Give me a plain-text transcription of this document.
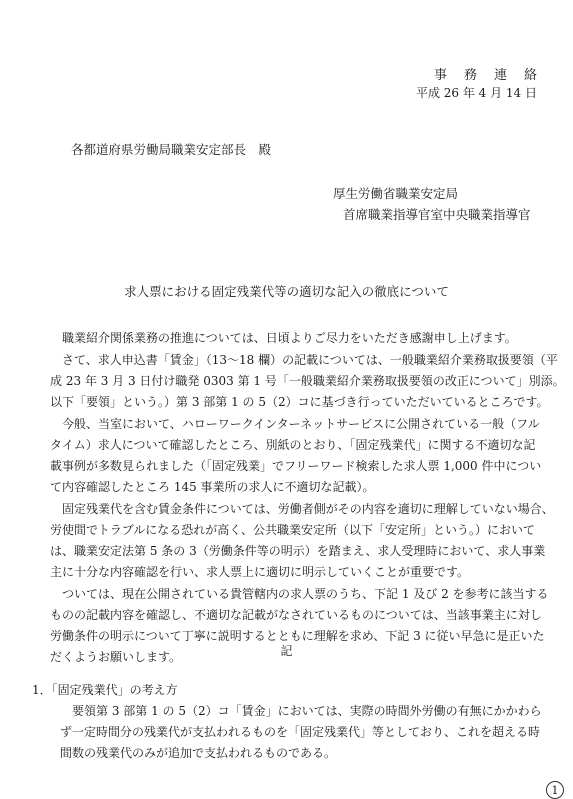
事務連絡
平成 26 年 4 月 14 日
各都道府県労働局職業安定部長　殿
厚生労働省職業安定局
首席職業指導官室中央職業指導官
求人票における固定残業代等の適切な記入の徹底について
職業紹介関係業務の推進については、日頃よりご尽力をいただき感謝申し上げます。
さて、求人申込書「賃金」（13～18 欄）の記載については、一般職業紹介業務取扱要領（平
成 23 年 3 月 3 日付け職発 0303 第 1 号「一般職業紹介業務取扱要領の改正について」別添。
以下「要領」という。）第 3 部第 1 の 5（2）コに基づき行っていただいているところです。
今般、当室において、ハローワークインターネットサービスに公開されている一般（フル
タイム）求人について確認したところ、別紙のとおり、「固定残業代」に関する不適切な記
載事例が多数見られました（「固定残業」でフリーワード検索した求人票 1,000 件中につい
て内容確認したところ 145 事業所の求人に不適切な記載）。
固定残業代を含む賃金条件については、労働者側がその内容を適切に理解していない場合、
労使間でトラブルになる恐れが高く、公共職業安定所（以下「安定所」という。）において
は、職業安定法第 5 条の 3（労働条件等の明示）を踏まえ、求人受理時において、求人事業
主に十分な内容確認を行い、求人票上に適切に明示していくことが重要です。
ついては、現在公開されている貴管轄内の求人票のうち、下記 1 及び 2 を参考に該当する
ものの記載内容を確認し、不適切な記載がなされているものについては、当該事業主に対し
労働条件の明示について丁寧に説明するとともに理解を求め、下記 3 に従い早急に是正いた
だくようお願いします。	記
1．「固定残業代」の考え方
要領第 3 部第 1 の 5（2）コ「賃金」においては、実際の時間外労働の有無にかかわら
ず一定時間分の残業代が支払われるものを「固定残業代」等としており、これを超える時
間数の残業代のみが追加で支払われるものである。
1
